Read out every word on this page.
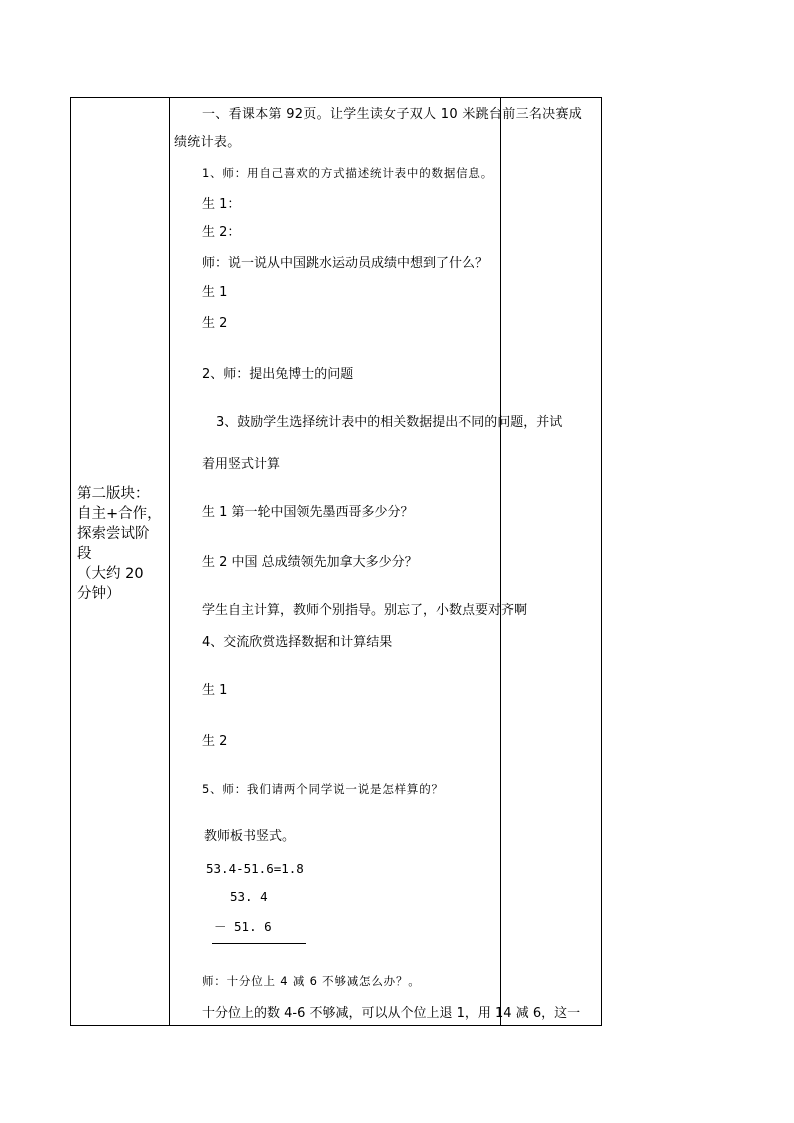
第二版块：
自主+合作，
探索尝试阶
段
（大约 20
分钟）

一、看课本第 92页。让学生读女子双人 10 米跳台前三名决赛成
绩统计表。
1、师：用自己喜欢的方式描述统计表中的数据信息。
生 1：
生 2：
师：说一说从中国跳水运动员成绩中想到了什么？
生 1
生 2
2、师：提出兔博士的问题
3、鼓励学生选择统计表中的相关数据提出不同的问题，并试
着用竖式计算
生 1 第一轮中国领先墨西哥多少分？
生 2 中国 总成绩领先加拿大多少分？
学生自主计算，教师个别指导。别忘了，小数点要对齐啊
4、交流欣赏选择数据和计算结果
生 1
生 2
5、师：我们请两个同学说一说是怎样算的？
教师板书竖式。
53.4-51.6=1.8
53. 4
－ 51. 6
师：十分位上 4 减 6 不够减怎么办？。
十分位上的数 4-6 不够减，可以从个位上退 1，用 14 减 6，这一
